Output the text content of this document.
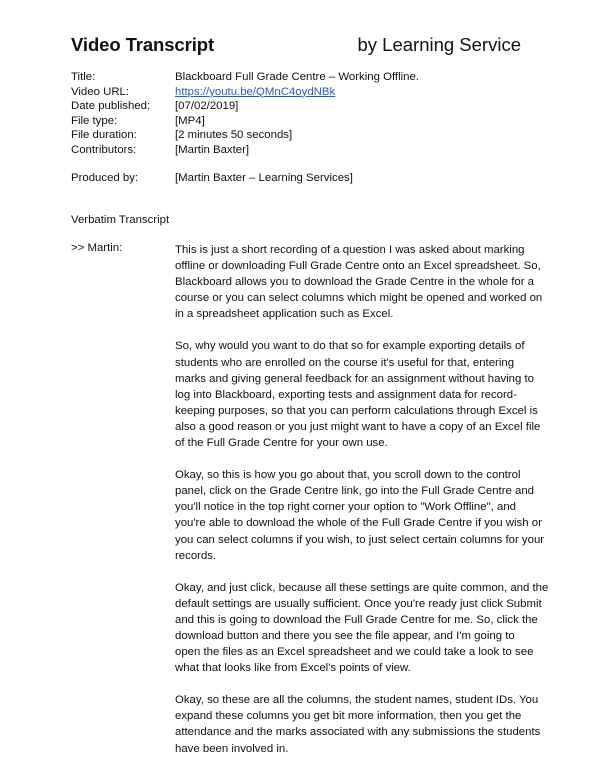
Video Transcript	by Learning Service
Title:	Blackboard Full Grade Centre – Working Offline.
Video URL:	https://youtu.be/QMnC4oydNBk
Date published:	[07/02/2019]
File type:	[MP4]
File duration:	[2 minutes 50 seconds]
Contributors:	[Martin Baxter]
Produced by:	[Martin Baxter – Learning Services]
Verbatim Transcript
>> Martin:	This is just a short recording of a question I was asked about marking
offline or downloading Full Grade Centre onto an Excel spreadsheet. So,
Blackboard allows you to download the Grade Centre in the whole for a
course or you can select columns which might be opened and worked on
in a spreadsheet application such as Excel.

So, why would you want to do that so for example exporting details of
students who are enrolled on the course it's useful for that, entering
marks and giving general feedback for an assignment without having to
log into Blackboard, exporting tests and assignment data for record-
keeping purposes, so that you can perform calculations through Excel is
also a good reason or you just might want to have a copy of an Excel file
of the Full Grade Centre for your own use.

Okay, so this is how you go about that, you scroll down to the control
panel, click on the Grade Centre link, go into the Full Grade Centre and
you'll notice in the top right corner your option to "Work Offline", and
you're able to download the whole of the Full Grade Centre if you wish or
you can select columns if you wish, to just select certain columns for your
records.

Okay, and just click, because all these settings are quite common, and the
default settings are usually sufficient. Once you're ready just click Submit
and this is going to download the Full Grade Centre for me. So, click the
download button and there you see the file appear, and I'm going to
open the files as an Excel spreadsheet and we could take a look to see
what that looks like from Excel's points of view.

Okay, so these are all the columns, the student names, student IDs. You
expand these columns you get bit more information, then you get the
attendance and the marks associated with any submissions the students
have been involved in.
